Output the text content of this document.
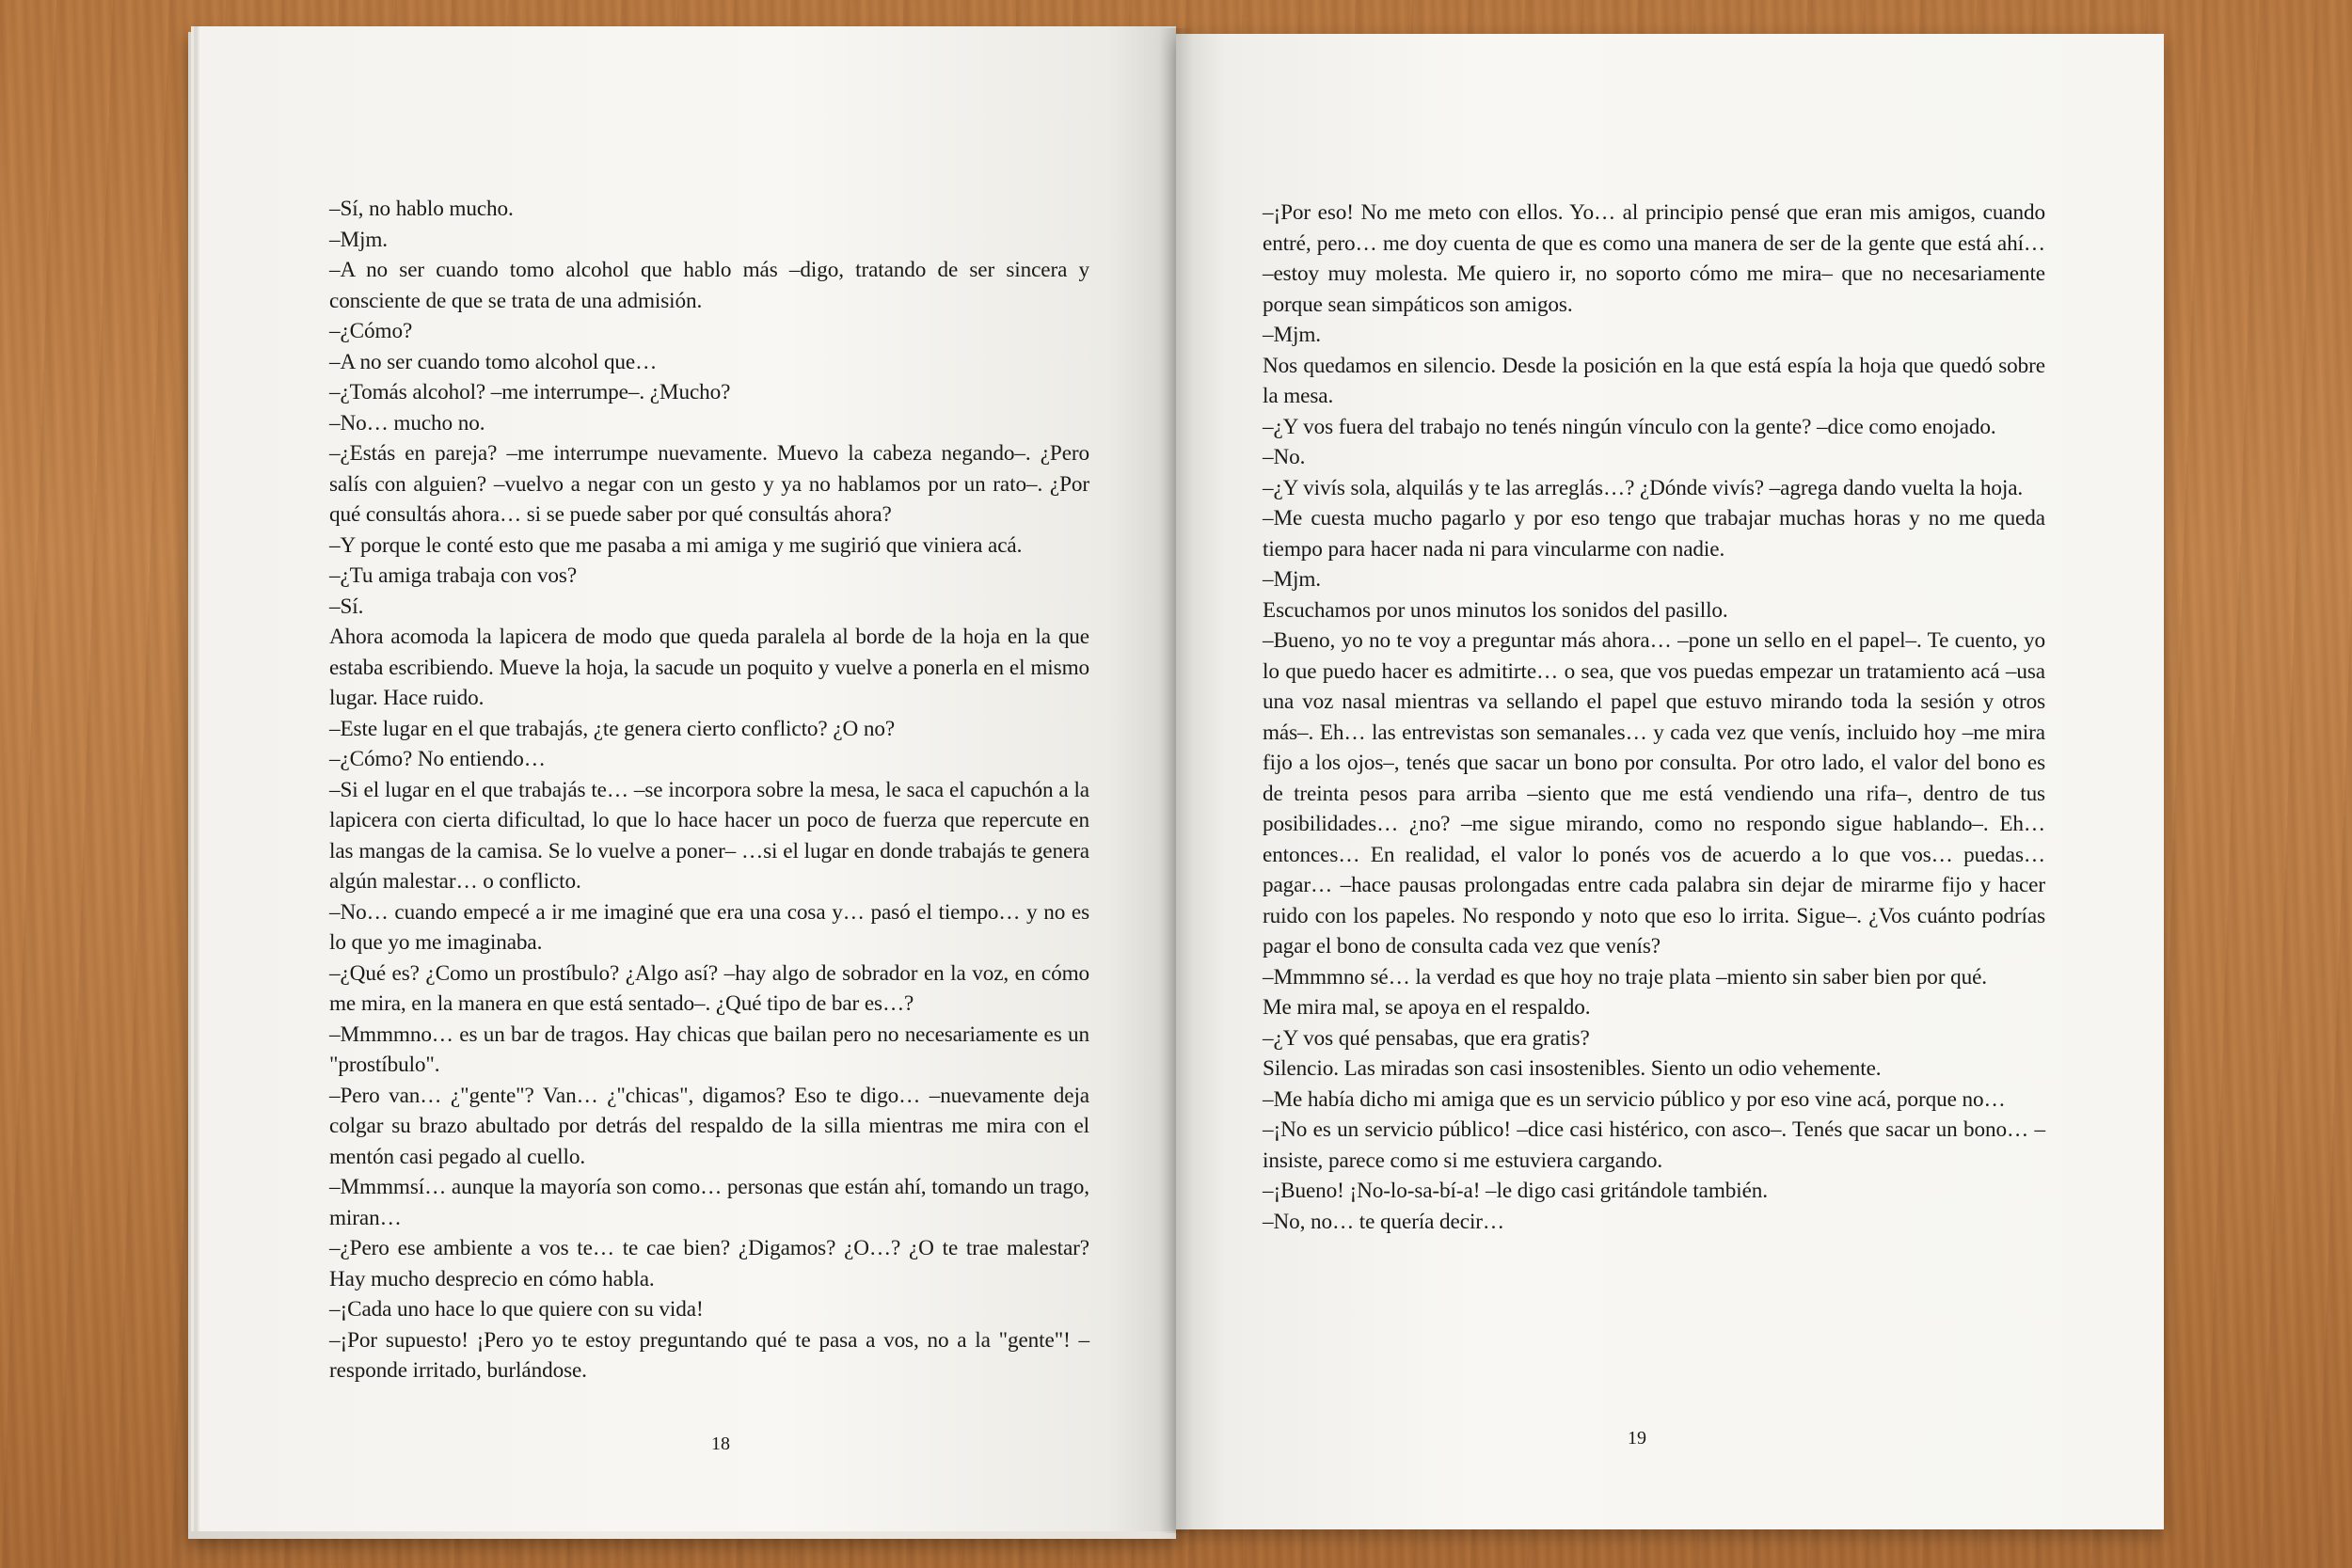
–Sí, no hablo mucho.

–Mjm.

–A no ser cuando tomo alcohol que hablo más –digo, tratando de ser sincera y consciente de que se trata de una admisión.

–¿Cómo?

–A no ser cuando tomo alcohol que…

–¿Tomás alcohol? –me interrumpe–. ¿Mucho?

–No… mucho no.

–¿Estás en pareja? –me interrumpe nuevamente. Muevo la cabeza negando–. ¿Pero salís con alguien? –vuelvo a negar con un gesto y ya no hablamos por un rato–. ¿Por qué consultás ahora… si se puede saber por qué consultás ahora?

–Y porque le conté esto que me pasaba a mi amiga y me sugirió que viniera acá.

–¿Tu amiga trabaja con vos?

–Sí.

Ahora acomoda la lapicera de modo que queda paralela al borde de la hoja en la que estaba escribiendo. Mueve la hoja, la sacude un poquito y vuelve a ponerla en el mismo lugar. Hace ruido.

–Este lugar en el que trabajás, ¿te genera cierto conflicto? ¿O no?

–¿Cómo? No entiendo…

–Si el lugar en el que trabajás te… –se incorpora sobre la mesa, le saca el capuchón a la lapicera con cierta dificultad, lo que lo hace hacer un poco de fuerza que repercute en las mangas de la camisa. Se lo vuelve a poner– …si el lugar en donde trabajás te genera algún malestar… o conflicto.

–No… cuando empecé a ir me imaginé que era una cosa y… pasó el tiempo… y no es lo que yo me imaginaba.

–¿Qué es? ¿Como un prostíbulo? ¿Algo así? –hay algo de sobrador en la voz, en cómo me mira, en la manera en que está sentado–. ¿Qué tipo de bar es…?

–Mmmmno… es un bar de tragos. Hay chicas que bailan pero no necesariamente es un "prostíbulo".

–Pero van… ¿"gente"? Van… ¿"chicas", digamos? Eso te digo… –nuevamente deja colgar su brazo abultado por detrás del respaldo de la silla mientras me mira con el mentón casi pegado al cuello.

–Mmmmsí… aunque la mayoría son como… personas que están ahí, tomando un trago, miran…

–¿Pero ese ambiente a vos te… te cae bien? ¿Digamos? ¿O…? ¿O te trae malestar? Hay mucho desprecio en cómo habla.

–¡Cada uno hace lo que quiere con su vida!

–¡Por supuesto! ¡Pero yo te estoy preguntando qué te pasa a vos, no a la "gente"! –responde irritado, burlándose.

18

–¡Por eso! No me meto con ellos. Yo… al principio pensé que eran mis amigos, cuando entré, pero… me doy cuenta de que es como una manera de ser de la gente que está ahí… –estoy muy molesta. Me quiero ir, no soporto cómo me mira– que no necesariamente porque sean simpáticos son amigos.

–Mjm.

Nos quedamos en silencio. Desde la posición en la que está espía la hoja que quedó sobre la mesa.

–¿Y vos fuera del trabajo no tenés ningún vínculo con la gente? –dice como enojado.

–No.

–¿Y vivís sola, alquilás y te las arreglás…? ¿Dónde vivís? –agrega dando vuelta la hoja.

–Me cuesta mucho pagarlo y por eso tengo que trabajar muchas horas y no me queda tiempo para hacer nada ni para vincularme con nadie.

–Mjm.

Escuchamos por unos minutos los sonidos del pasillo.

–Bueno, yo no te voy a preguntar más ahora… –pone un sello en el papel–. Te cuento, yo lo que puedo hacer es admitirte… o sea, que vos puedas empezar un tratamiento acá –usa una voz nasal mientras va sellando el papel que estuvo mirando toda la sesión y otros más–. Eh… las entrevistas son semanales… y cada vez que venís, incluido hoy –me mira fijo a los ojos–, tenés que sacar un bono por consulta. Por otro lado, el valor del bono es de treinta pesos para arriba –siento que me está vendiendo una rifa–, dentro de tus posibilidades… ¿no? –me sigue mirando, como no respondo sigue hablando–. Eh… entonces… En realidad, el valor lo ponés vos de acuerdo a lo que vos… puedas… pagar… –hace pausas prolongadas entre cada palabra sin dejar de mirarme fijo y hacer ruido con los papeles. No respondo y noto que eso lo irrita. Sigue–. ¿Vos cuánto podrías pagar el bono de consulta cada vez que venís?

–Mmmmno sé… la verdad es que hoy no traje plata –miento sin saber bien por qué.

Me mira mal, se apoya en el respaldo.

–¿Y vos qué pensabas, que era gratis?

Silencio. Las miradas son casi insostenibles. Siento un odio vehemente.

–Me había dicho mi amiga que es un servicio público y por eso vine acá, porque no…

–¡No es un servicio público! –dice casi histérico, con asco–. Tenés que sacar un bono… –insiste, parece como si me estuviera cargando.

–¡Bueno! ¡No-lo-sa-bí-a! –le digo casi gritándole también.

–No, no… te quería decir…

19
